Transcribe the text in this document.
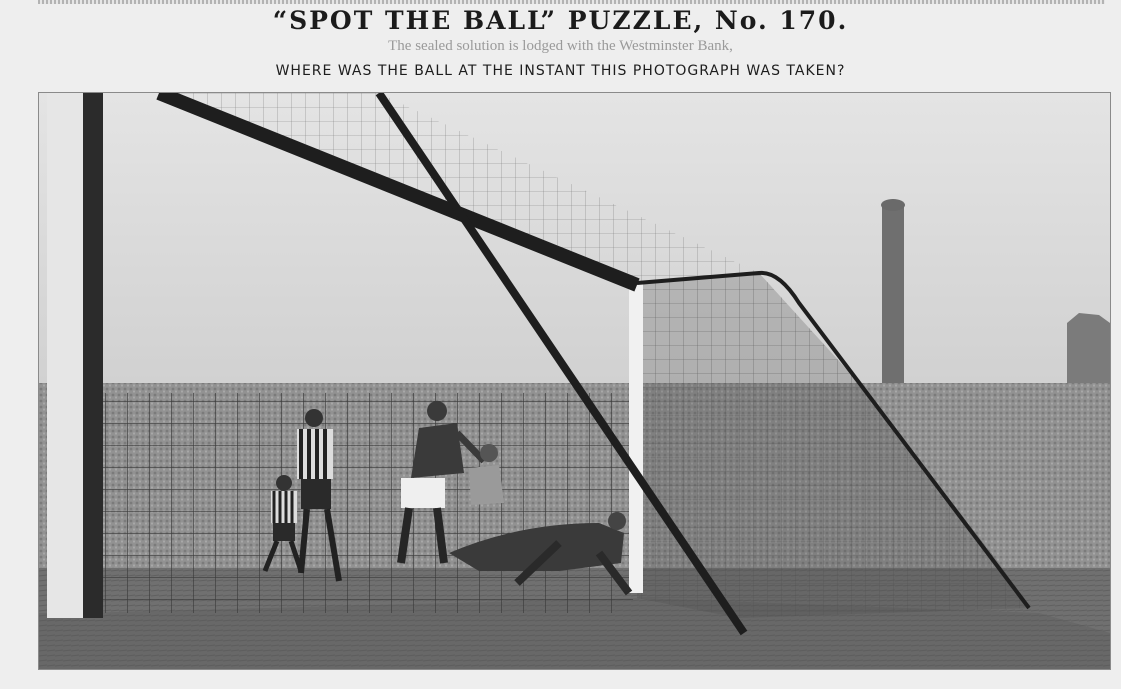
“SPOT THE BALL” PUZZLE, No. 170.
The sealed solution is lodged with the Westminster Bank,
WHERE WAS THE BALL AT THE INSTANT THIS PHOTOGRAPH WAS TAKEN?
